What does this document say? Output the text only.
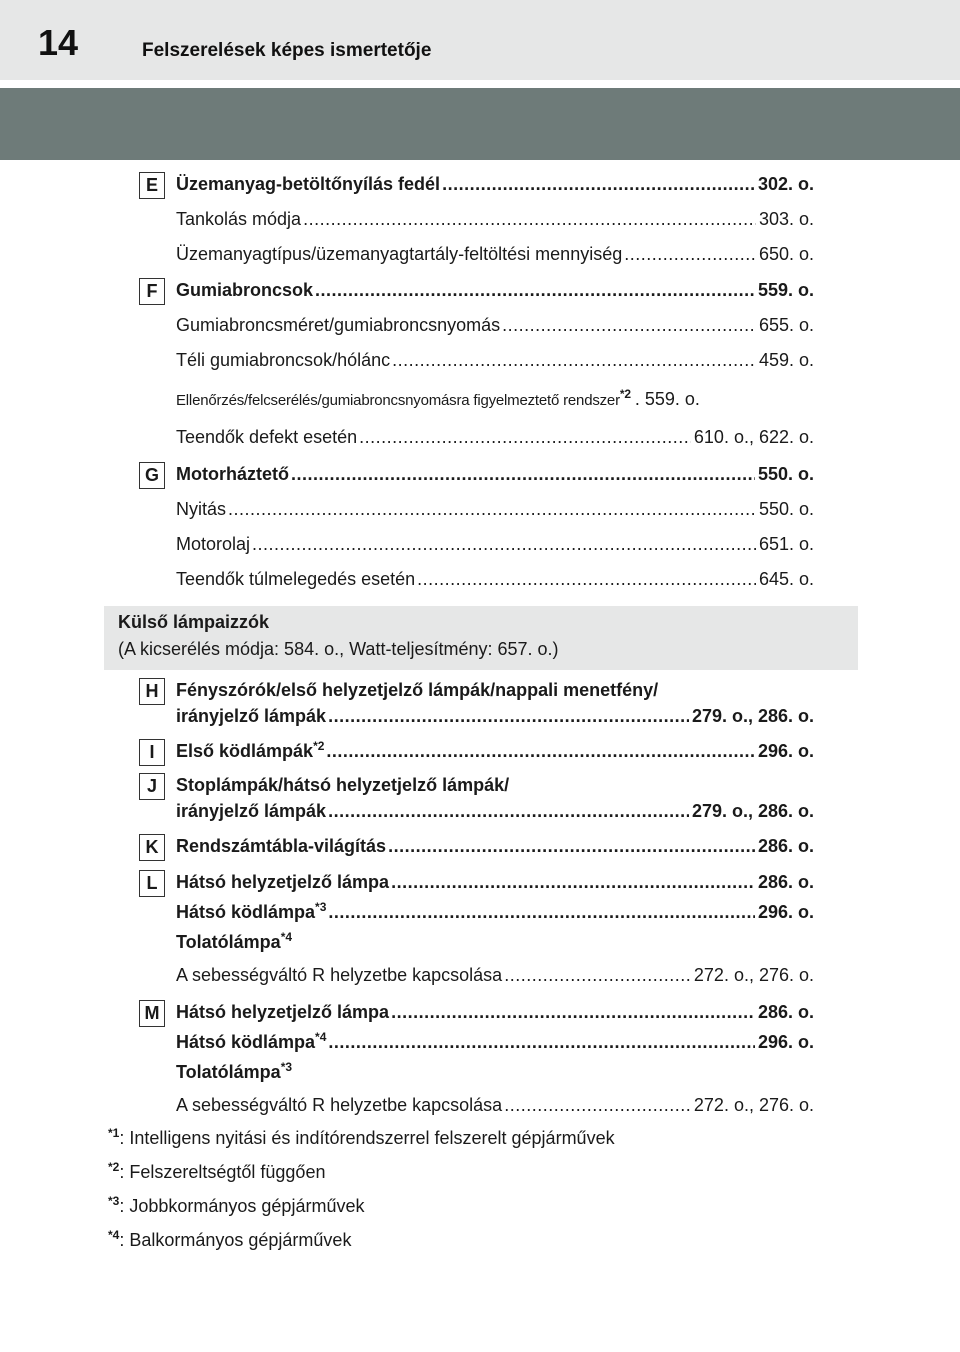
14	Felszerelések képes ismertetője
E	Üzemanyag-betöltőnyílás fedél .....	302. o.
Tankolás módja .....	303. o.
Üzemanyagtípus/üzemanyagtartály-feltöltési mennyiség .....	650. o.
F	Gumiabroncsok .....	559. o.
Gumiabroncsméret/gumiabroncsnyomás .....	655. o.
Téli gumiabroncsok/hólánc .....	459. o.
Ellenőrzés/felcserélés/gumiabroncsnyomásra figyelmeztető rendszer$^{*2}$ . 559. o.
Teendők defekt esetén .....	610. o., 622. o.
G Motorháztető .....	550. o.
Nyitás .....	550. o.
Motorolaj .....	651. o.
Teendők túlmelegedés esetén .....	645. o.
Külső lámpaizzók
(A kicserélés módja: 584. o., Watt-teljesítmény: 657. o.)
H Fényszórók/első helyzetjelző lámpák/nappali menetfény/
irányjelző lámpák .....	279. o., 286. o.
I	Első ködlámpák$^{*2}$ .....	296. o.
J	Stoplámpák/hátsó helyzetjelző lámpák/
irányjelző lámpák .....	279. o., 286. o.
K Rendszámtábla-világítás .....	286. o.
L	Hátsó helyzetjelző lámpa .....	286. o.
Hátsó ködlámpa$^{*3}$ .....	296. o.
Tolatólámpa$^{*4}$
A sebességváltó R helyzetbe kapcsolása .....	272. o., 276. o.
M Hátsó helyzetjelző lámpa .....	286. o.
Hátsó ködlámpa$^{*4}$ .....	296. o.
Tolatólámpa$^{*3}$
A sebességváltó R helyzetbe kapcsolása .....	272. o., 276. o.
$^{*1}$: Intelligens nyitási és indítórendszerrel felszerelt gépjárművek
$^{*2}$: Felszereltségtől függően
$^{*3}$: Jobbkormányos gépjárművek
$^{*4}$: Balkormányos gépjárművek
